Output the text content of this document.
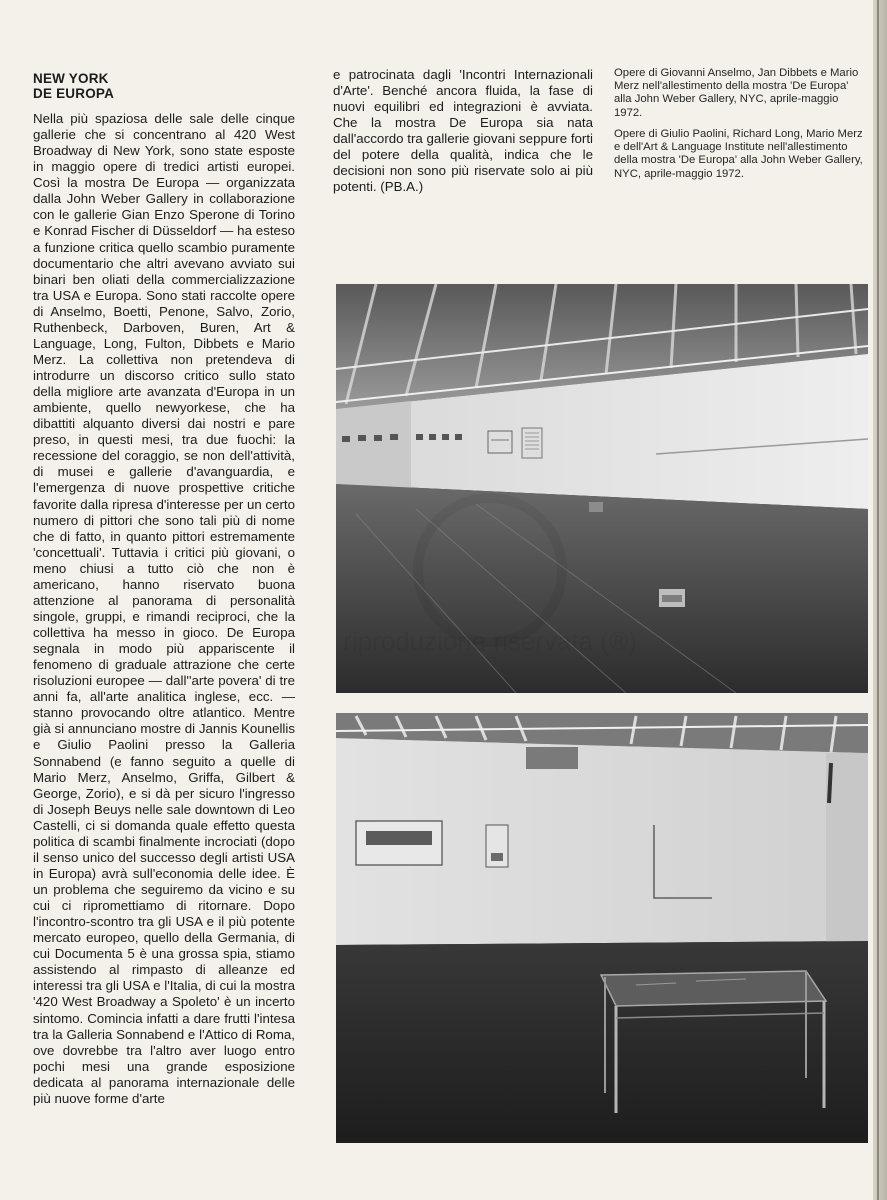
NEW YORK
DE EUROPA

Nella più spaziosa delle sale delle cinque gallerie che si concentrano al 420 West Broadway di New York, sono state esposte in maggio opere di tredici artisti europei. Così la mostra De Europa — organizzata dalla John Weber Gallery in collaborazione con le gallerie Gian Enzo Sperone di Torino e Konrad Fischer di Düsseldorf — ha esteso a funzione critica quello scambio puramente documentario che altri avevano avviato sui binari ben oliati della commercializzazione tra USA e Europa. Sono stati raccolte opere di Anselmo, Boetti, Penone, Salvo, Zorio, Ruthenbeck, Darboven, Buren, Art & Language, Long, Fulton, Dibbets e Mario Merz. La collettiva non pretendeva di introdurre un discorso critico sullo stato della migliore arte avanzata d'Europa in un ambiente, quello newyorkese, che ha dibattiti alquanto diversi dai nostri e pare preso, in questi mesi, tra due fuochi: la recessione del coraggio, se non dell'attività, di musei e gallerie d'avanguardia, e l'emergenza di nuove prospettive critiche favorite dalla ripresa d'interesse per un certo numero di pittori che sono tali più di nome che di fatto, in quanto pittori estremamente 'concettuali'. Tuttavia i critici più giovani, o meno chiusi a tutto ciò che non è americano, hanno riservato buona attenzione al panorama di personalità singole, gruppi, e rimandi reciproci, che la collettiva ha messo in gioco. De Europa segnala in modo più appariscente il fenomeno di graduale attrazione che certe risoluzioni europee — dall''arte povera' di tre anni fa, all'arte analitica inglese, ecc. — stanno provocando oltre atlantico. Mentre già si annunciano mostre di Jannis Kounellis e Giulio Paolini presso la Galleria Sonnabend (e fanno seguito a quelle di Mario Merz, Anselmo, Griffa, Gilbert & George, Zorio), e si dà per sicuro l'ingresso di Joseph Beuys nelle sale downtown di Leo Castelli, ci si domanda quale effetto questa politica di scambi finalmente incrociati (dopo il senso unico del successo degli artisti USA in Europa) avrà sull'economia delle idee. È un problema che seguiremo da vicino e su cui ci ripromettiamo di ritornare. Dopo l'incontro-scontro tra gli USA e il più potente mercato europeo, quello della Germania, di cui Documenta 5 è una grossa spia, stiamo assistendo al rimpasto di alleanze ed interessi tra gli USA e l'Italia, di cui la mostra '420 West Broadway a Spoleto' è un incerto sintomo. Comincia infatti a dare frutti l'intesa tra la Galleria Sonnabend e l'Attico di Roma, ove dovrebbe tra l'altro aver luogo entro pochi mesi una grande esposizione dedicata al panorama internazionale delle più nuove forme d'arte

e patrocinata dagli 'Incontri Internazionali d'Arte'. Benché ancora fluida, la fase di nuovi equilibri ed integrazioni è avviata. Che la mostra De Europa sia nata dall'accordo tra gallerie giovani seppure forti del potere della qualità, indica che le decisioni non sono più riservate solo ai più potenti. (PB.A.)

Opere di Giovanni Anselmo, Jan Dibbets e Mario Merz nell'allestimento della mostra 'De Europa' alla John Weber Gallery, NYC, aprile-maggio 1972.
Opere di Giulio Paolini, Richard Long, Mario Merz e dell'Art & Language Institute nell'allestimento della mostra 'De Europa' alla John Weber Gallery, NYC, aprile-maggio 1972.
